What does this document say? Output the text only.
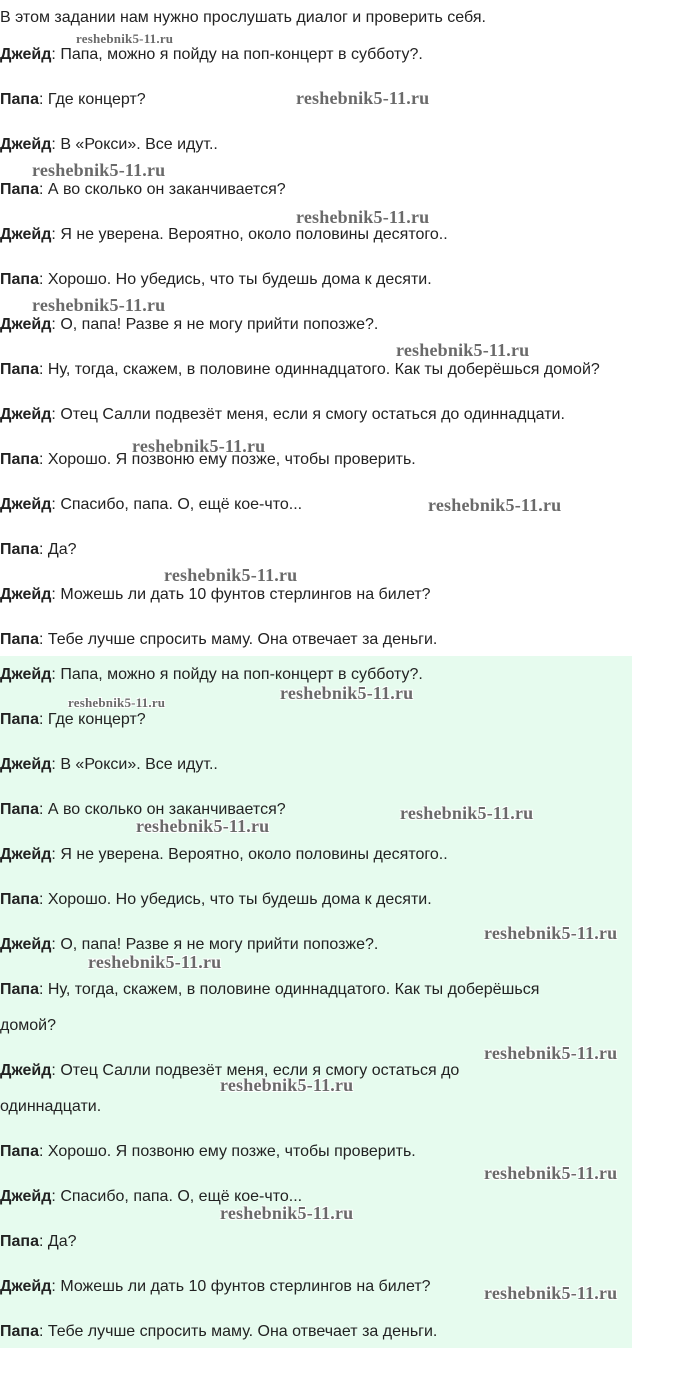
В этом задании нам нужно прослушать диалог и проверить себя.
Джейд: Папа, можно я пойду на поп-концерт в субботу?.
Папа: Где концерт?
Джейд: В «Рокси». Все идут..
Папа: А во сколько он заканчивается?
Джейд: Я не уверена. Вероятно, около половины десятого..
Папа: Хорошо. Но убедись, что ты будешь дома к десяти.
Джейд: О, папа! Разве я не могу прийти попозже?.
Папа: Ну, тогда, скажем, в половине одиннадцатого. Как ты доберёшься домой?
Джейд: Отец Салли подвезёт меня, если я смогу остаться до одиннадцати.
Папа: Хорошо. Я позвоню ему позже, чтобы проверить.
Джейд: Спасибо, папа. О, ещё кое-что...
Папа: Да?
Джейд: Можешь ли дать 10 фунтов стерлингов на билет?
Папа: Тебе лучше спросить маму. Она отвечает за деньги.
Джейд: Папа, можно я пойду на поп-концерт в субботу?.
Папа: Где концерт?
Джейд: В «Рокси». Все идут..
Папа: А во сколько он заканчивается?
Джейд: Я не уверена. Вероятно, около половины десятого..
Папа: Хорошо. Но убедись, что ты будешь дома к десяти.
Джейд: О, папа! Разве я не могу прийти попозже?.
Папа: Ну, тогда, скажем, в половине одиннадцатого. Как ты доберёшься
домой?
Джейд: Отец Салли подвезёт меня, если я смогу остаться до
одиннадцати.
Папа: Хорошо. Я позвоню ему позже, чтобы проверить.
Джейд: Спасибо, папа. О, ещё кое-что...
Папа: Да?
Джейд: Можешь ли дать 10 фунтов стерлингов на билет?
Папа: Тебе лучше спросить маму. Она отвечает за деньги.
reshebnik5-11.ru
reshebnik5-11.ru
reshebnik5-11.ru
reshebnik5-11.ru
reshebnik5-11.ru
reshebnik5-11.ru
reshebnik5-11.ru
reshebnik5-11.ru
reshebnik5-11.ru
reshebnik5-11.ru	reshebnik5-11.ru
reshebnik5-11.ru
reshebnik5-11.ru
reshebnik5-11.ru
reshebnik5-11.ru
reshebnik5-11.ru
reshebnik5-11.ru
reshebnik5-11.ru
reshebnik5-11.ru
reshebnik5-11.ru
